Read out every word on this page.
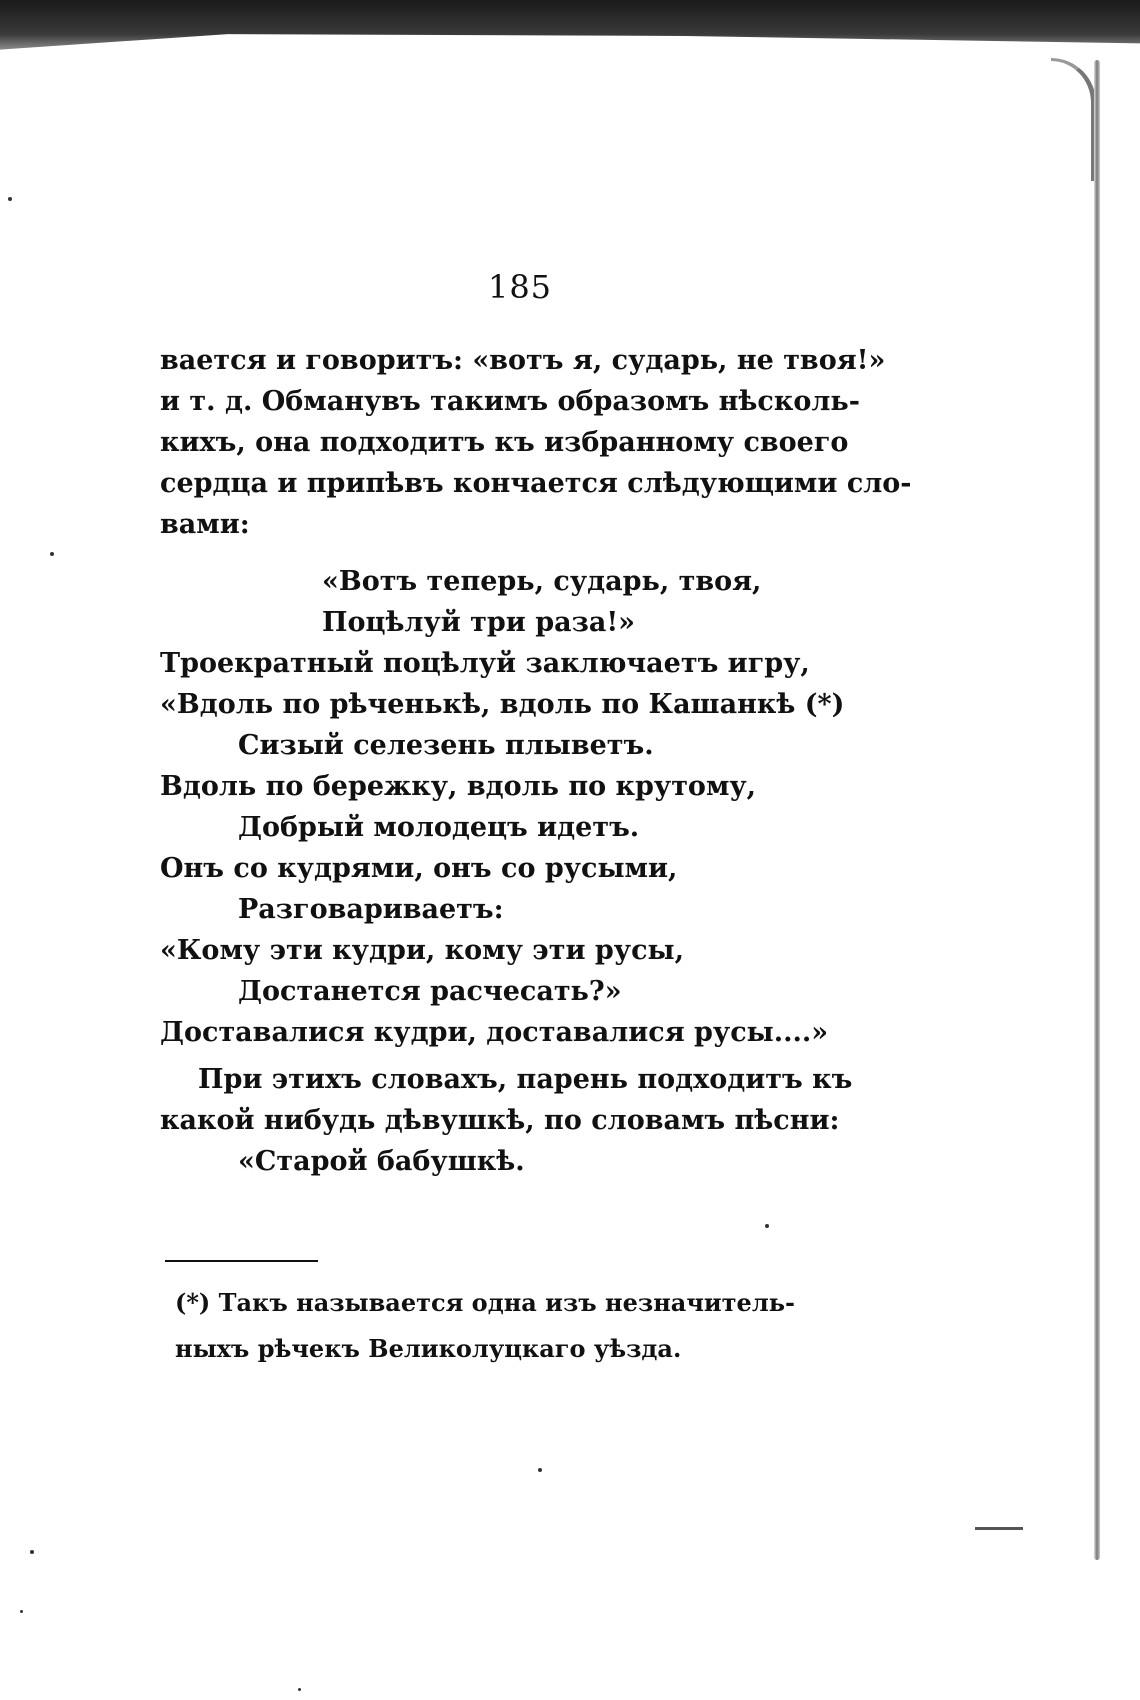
185
вается и говоритъ: «вотъ я, сударь, не твоя!»
и т. д. Обманувъ такимъ образомъ нѣсколь-
кихъ, она подходитъ къ избранному своего
сердца и припѣвъ кончается слѣдующими сло-
вами:
«Вотъ теперь, сударь, твоя,
Поцѣлуй три раза!»
Троекратный поцѣлуй заключаетъ игру,
«Вдоль по рѣченькѣ, вдоль по Кашанкѣ (*)
Сизый селезень плыветъ.
Вдоль по бережку, вдоль по крутому,
Добрый молодецъ идетъ.
Онъ со кудрями, онъ со русыми,
Разговариваетъ:
«Кому эти кудри, кому эти русы,
Достанется расчесать?»
Доставалися кудри, доставалися русы....»
При этихъ словахъ, парень подходитъ къ
какой нибудь дѣвушкѣ, по словамъ пѣсни:
«Старой бабушкѣ.
(*) Такъ называется одна изъ незначитель-
ныхъ рѣчекъ Великолуцкаго уѣзда.
